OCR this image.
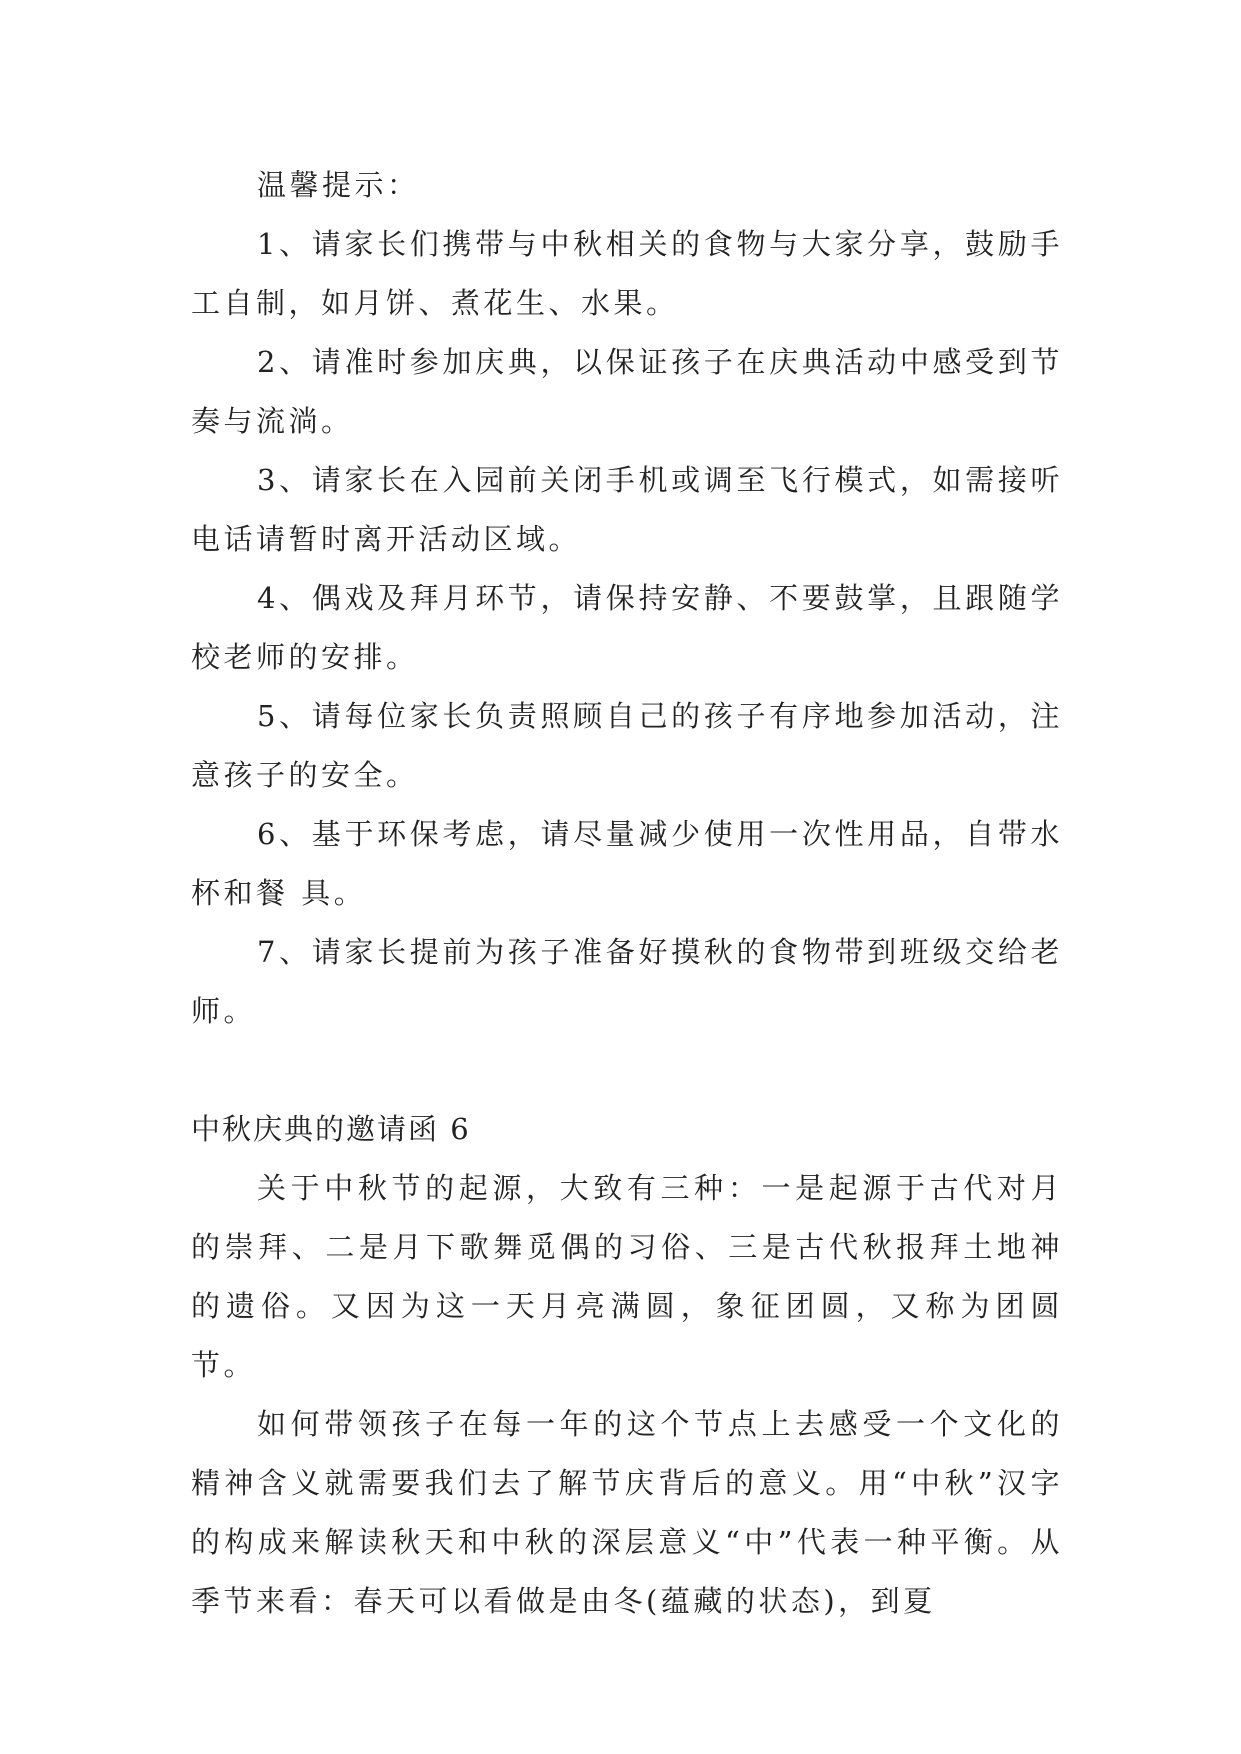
温馨提示：

1、请家长们携带与中秋相关的食物与大家分享，鼓励手工自制，如月饼、煮花生、水果。

2、请准时参加庆典，以保证孩子在庆典活动中感受到节奏与流淌。

3、请家长在入园前关闭手机或调至飞行模式，如需接听电话请暂时离开活动区域。

4、偶戏及拜月环节，请保持安静、不要鼓掌，且跟随学校老师的安排。

5、请每位家长负责照顾自己的孩子有序地参加活动，注意孩子的安全。

6、基于环保考虑，请尽量减少使用一次性用品，自带水杯和餐 具。

7、请家长提前为孩子准备好摸秋的食物带到班级交给老师。

中秋庆典的邀请函 6

关于中秋节的起源，大致有三种：一是起源于古代对月的崇拜、二是月下歌舞觅偶的习俗、三是古代秋报拜土地神的遗俗。又因为这一天月亮满圆，象征团圆，又称为团圆节。

如何带领孩子在每一年的这个节点上去感受一个文化的精神含义就需要我们去了解节庆背后的意义。用“中秋”汉字的构成来解读秋天和中秋的深层意义“中”代表一种平衡。从季节来看：春天可以看做是由冬(蕴藏的状态)，到夏
